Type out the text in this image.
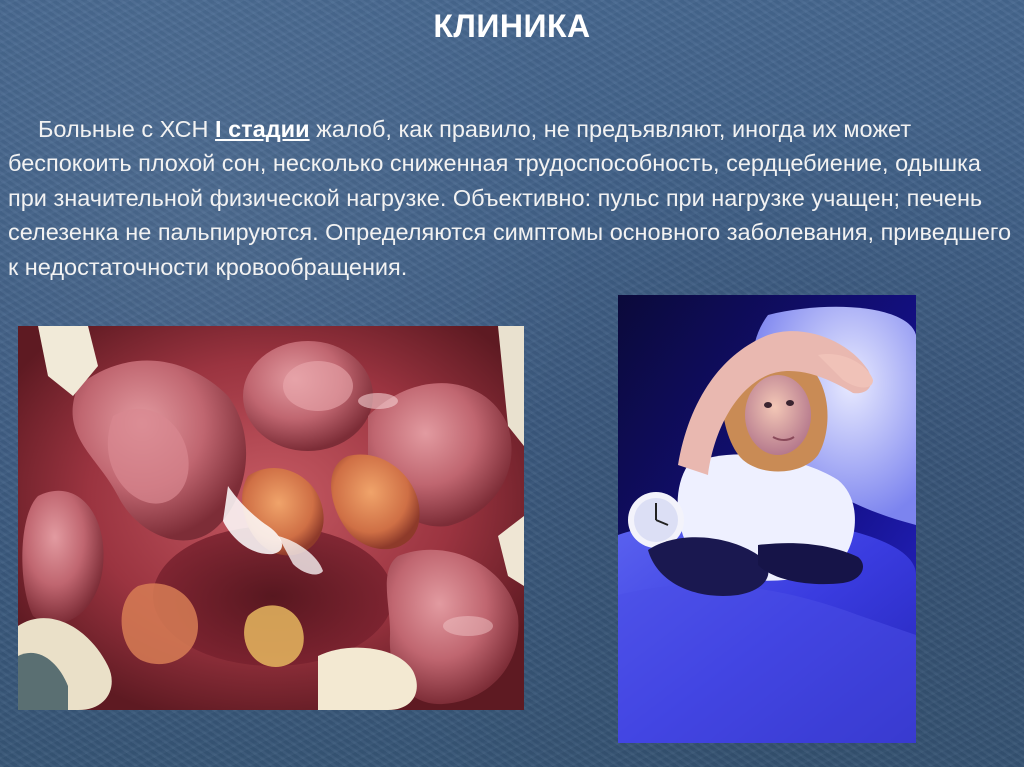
КЛИНИКА

Больные с ХСН I стадии жалоб, как правило, не предъявляют, иногда их может беспокоить плохой сон, несколько сниженная трудоспособность, сердцебиение, одышка при значительной физической нагрузке. Объективно: пульс при нагрузке учащен; печень селезенка не пальпируются. Определяются симптомы основного заболевания, приведшего к недостаточности кровообращения.
